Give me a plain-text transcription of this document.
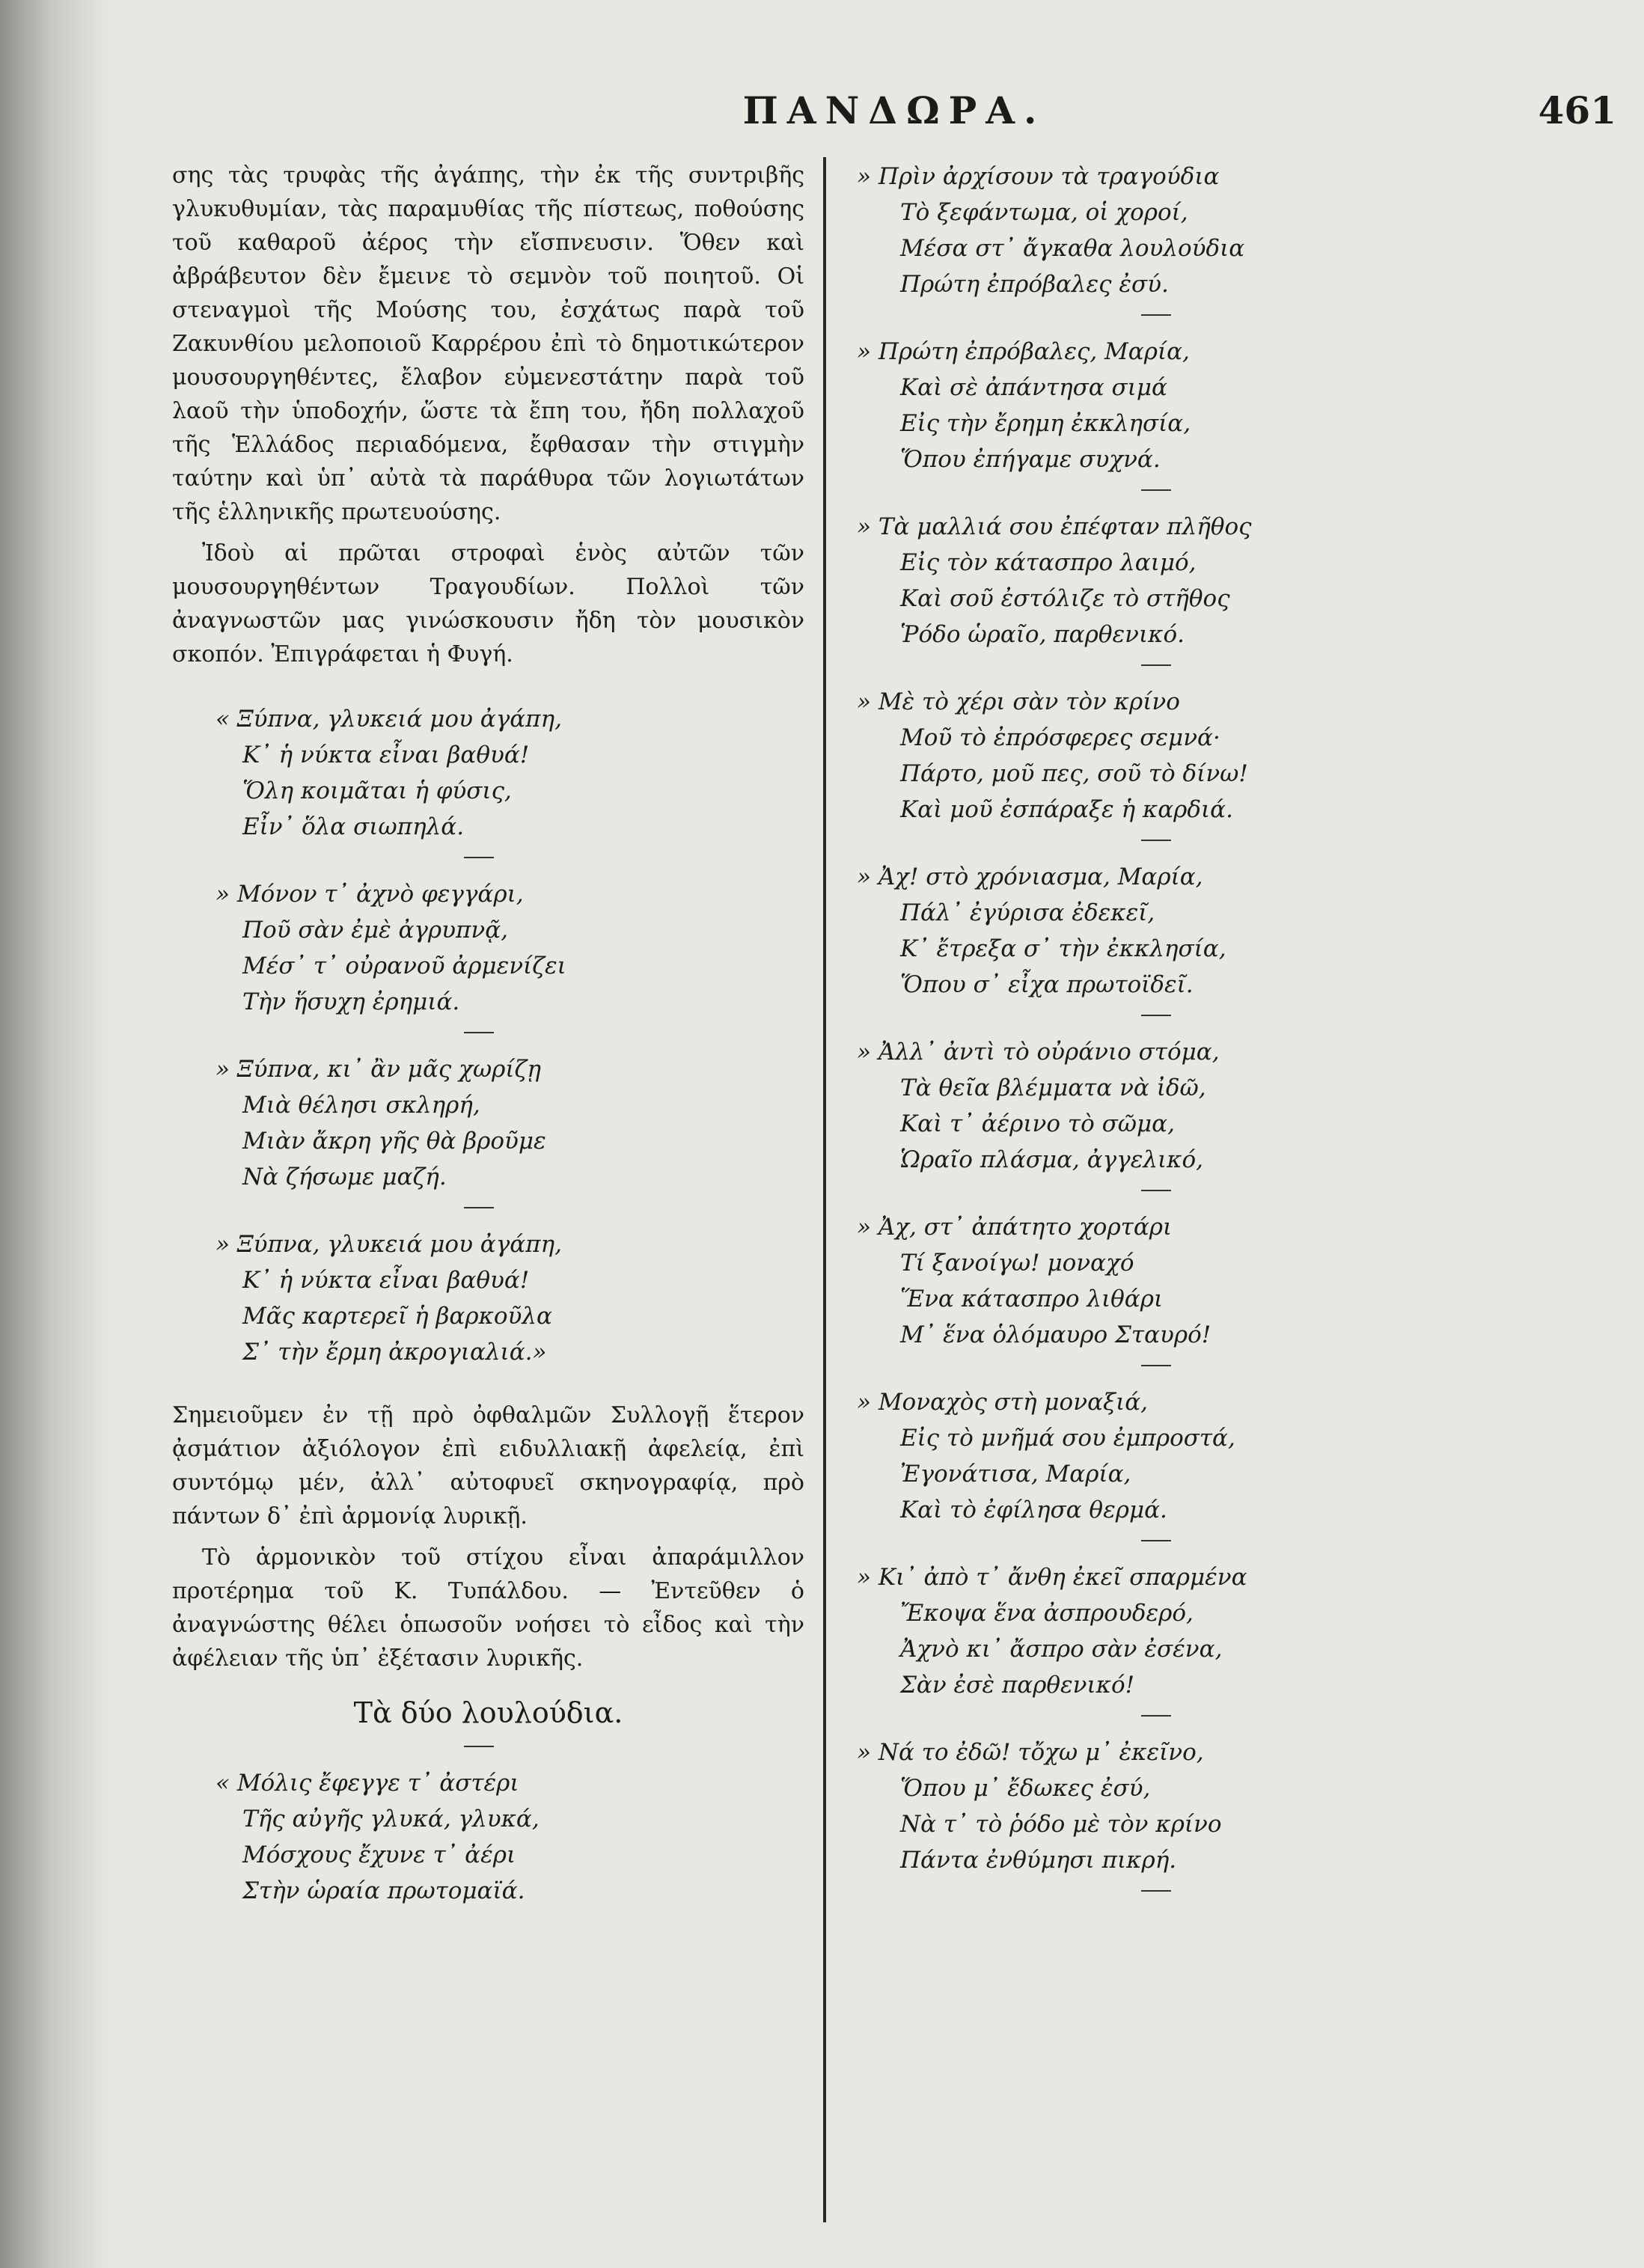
ΠΑΝΔΩΡΑ.	461

σης τὰς τρυφὰς τῆς ἀγάπης, τὴν ἐκ τῆς συντριβῆς γλυκυθυμίαν, τὰς παραμυθίας τῆς πίστεως, ποθούσης τοῦ καθαροῦ ἀέρος τὴν εἴσπνευσιν. Ὅθεν καὶ ἀβράβευτον δὲν ἔμεινε τὸ σεμνὸν τοῦ ποιητοῦ. Οἱ στεναγμοὶ τῆς Μούσης του, ἐσχάτως παρὰ τοῦ Ζακυνθίου μελοποιοῦ Καρρέρου ἐπὶ τὸ δημοτικώτερον μουσουργηθέντες, ἔλαβον εὐμενεστάτην παρὰ τοῦ λαοῦ τὴν ὑποδοχήν, ὥστε τὰ ἔπη του, ἤδη πολλαχοῦ τῆς Ἑλλάδος περιαδόμενα, ἔφθασαν τὴν στιγμὴν ταύτην καὶ ὑπ᾽ αὐτὰ τὰ παράθυρα τῶν λογιωτάτων τῆς ἑλληνικῆς πρωτευούσης.

Ἰδοὺ αἱ πρῶται στροφαὶ ἑνὸς αὐτῶν τῶν μουσουργηθέντων Τραγουδίων. Πολλοὶ τῶν ἀναγνωστῶν μας γινώσκουσιν ἤδη τὸν μουσικὸν σκοπόν. Ἐπιγράφεται ἡ Φυγή.

« Ξύπνα, γλυκειά μου ἀγάπη,
Κ᾽ ἡ νύκτα εἶναι βαθυά!
Ὅλη κοιμᾶται ἡ φύσις,
Εἶν᾽ ὅλα σιωπηλά.
» Μόνον τ᾽ ἀχνὸ φεγγάρι,
Ποῦ σὰν ἐμὲ ἀγρυπνᾷ,
Μέσ᾽ τ᾽ οὐρανοῦ ἀρμενίζει
Τὴν ἥσυχη ἐρημιά.
» Ξύπνα, κι᾽ ἂν μᾶς χωρίζῃ
Μιὰ θέλησι σκληρή,
Μιὰν ἄκρη γῆς θὰ βροῦμε
Νὰ ζήσωμε μαζή.
» Ξύπνα, γλυκειά μου ἀγάπη,
Κ᾽ ἡ νύκτα εἶναι βαθυά!
Μᾶς καρτερεῖ ἡ βαρκοῦλα
Σ᾽ τὴν ἔρμη ἀκρογιαλιά.»

Σημειοῦμεν ἐν τῇ πρὸ ὀφθαλμῶν Συλλογῇ ἕτερον ᾀσμάτιον ἀξιόλογον ἐπὶ ειδυλλιακῇ ἀφελείᾳ, ἐπὶ συντόμῳ μέν, ἀλλ᾽ αὐτοφυεῖ σκηνογραφίᾳ, πρὸ πάντων δ᾽ ἐπὶ ἁρμονίᾳ λυρικῇ.

Τὸ ἁρμονικὸν τοῦ στίχου εἶναι ἀπαράμιλλον προτέρημα τοῦ Κ. Τυπάλδου. — Ἐντεῦθεν ὁ ἀναγνώστης θέλει ὁπωσοῦν νοήσει τὸ εἶδος καὶ τὴν ἀφέλειαν τῆς ὑπ᾽ ἐξέτασιν λυρικῆς.

Τὰ δύο λουλούδια.
« Μόλις ἔφεγγε τ᾽ ἀστέρι
Τῆς αὐγῆς γλυκά, γλυκά,
Μόσχους ἔχυνε τ᾽ ἀέρι
Στὴν ὡραία πρωτομαϊά.
» Πρὶν ἀρχίσουν τὰ τραγούδια
Τὸ ξεφάντωμα, οἱ χοροί,
Μέσα στ᾽ ἄγκαθα λουλούδια
Πρώτη ἐπρόβαλες ἐσύ.
» Πρώτη ἐπρόβαλες, Μαρία,
Καὶ σὲ ἀπάντησα σιμά
Εἰς τὴν ἔρημη ἐκκλησία,
Ὅπου ἐπήγαμε συχνά.
» Τὰ μαλλιά σου ἐπέφταν πλῆθος
Εἰς τὸν κάτασπρο λαιμό,
Καὶ σοῦ ἐστόλιζε τὸ στῆθος
Ῥόδο ὡραῖο, παρθενικό.
» Μὲ τὸ χέρι σὰν τὸν κρίνο
Μοῦ τὸ ἐπρόσφερες σεμνά·
Πάρτο, μοῦ πες, σοῦ τὸ δίνω!
Καὶ μοῦ ἐσπάραξε ἡ καρδιά.
» Ἀχ! στὸ χρόνιασμα, Μαρία,
Πάλ᾽ ἐγύρισα ἐδεκεῖ,
Κ᾽ ἔτρεξα σ᾽ τὴν ἐκκλησία,
Ὅπου σ᾽ εἶχα πρωτοϊδεῖ.
» Ἀλλ᾽ ἀντὶ τὸ οὐράνιο στόμα,
Τὰ θεῖα βλέμματα νὰ ἰδῶ,
Καὶ τ᾽ ἀέρινο τὸ σῶμα,
Ὡραῖο πλάσμα, ἀγγελικό,
» Ἀχ, στ᾽ ἀπάτητο χορτάρι
Τί ξανοίγω! μοναχό
Ἕνα κάτασπρο λιθάρι
Μ᾽ ἕνα ὁλόμαυρο Σταυρό!
» Μοναχὸς στὴ μοναξιά,
Εἰς τὸ μνῆμά σου ἐμπροστά,
Ἐγονάτισα, Μαρία,
Καὶ τὸ ἐφίλησα θερμά.
» Κι᾽ ἀπὸ τ᾽ ἄνθη ἐκεῖ σπαρμένα
Ἔκοψα ἕνα ἀσπρουδερό,
Ἀχνὸ κι᾽ ἄσπρο σὰν ἐσένα,
Σὰν ἐσὲ παρθενικό!
» Νά το ἐδῶ! τὄχω μ᾽ ἐκεῖνο,
Ὅπου μ᾽ ἔδωκες ἐσύ,
Νὰ τ᾽ τὸ ῥόδο μὲ τὸν κρίνο
Πάντα ἐνθύμησι πικρή.
